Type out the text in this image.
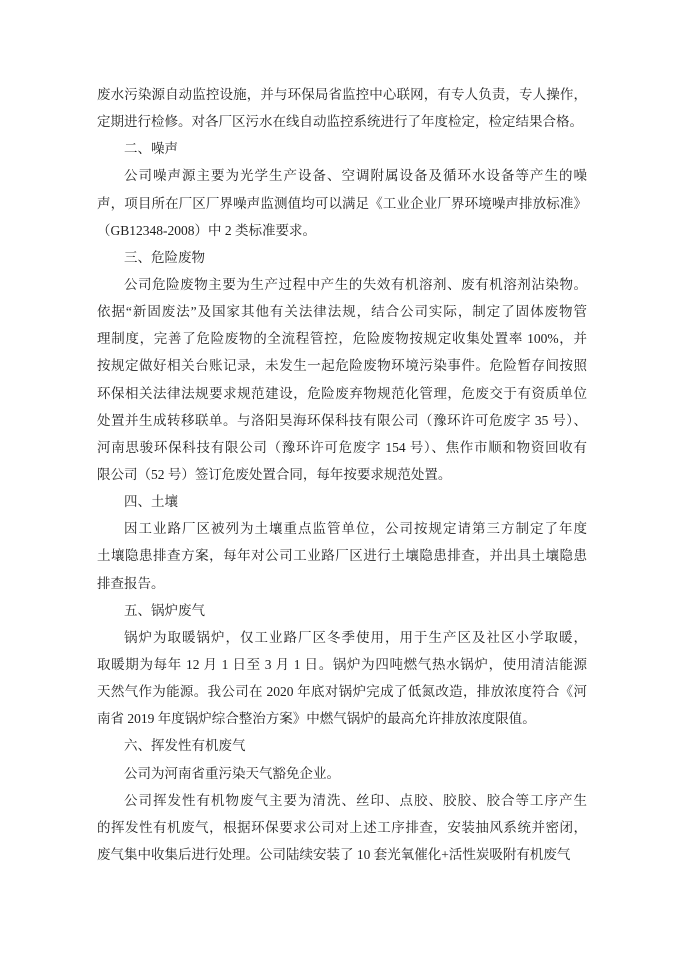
废水污染源自动监控设施，并与环保局省监控中心联网，有专人负责，专人操作，
定期进行检修。对各厂区污水在线自动监控系统进行了年度检定，检定结果合格。
二、噪声
公司噪声源主要为光学生产设备、空调附属设备及循环水设备等产生的噪
声，项目所在厂区厂界噪声监测值均可以满足《工业企业厂界环境噪声排放标准》
（GB12348-2008）中 2 类标准要求。
三、危险废物
公司危险废物主要为生产过程中产生的失效有机溶剂、废有机溶剂沾染物。
依据“新固废法”及国家其他有关法律法规，结合公司实际，制定了固体废物管
理制度，完善了危险废物的全流程管控，危险废物按规定收集处置率 100%，并
按规定做好相关台账记录，未发生一起危险废物环境污染事件。危险暂存间按照
环保相关法律法规要求规范建设，危险废弃物规范化管理，危废交于有资质单位
处置并生成转移联单。与洛阳昊海环保科技有限公司（豫环许可危废字 35 号）、
河南思骏环保科技有限公司（豫环许可危废字 154 号）、焦作市顺和物资回收有
限公司（52 号）签订危废处置合同，每年按要求规范处置。
四、土壤
因工业路厂区被列为土壤重点监管单位，公司按规定请第三方制定了年度
土壤隐患排查方案，每年对公司工业路厂区进行土壤隐患排查，并出具土壤隐患
排查报告。
五、锅炉废气
锅炉为取暖锅炉，仅工业路厂区冬季使用，用于生产区及社区小学取暖，
取暖期为每年 12 月 1 日至 3 月 1 日。锅炉为四吨燃气热水锅炉，使用清洁能源
天然气作为能源。我公司在 2020 年底对锅炉完成了低氮改造，排放浓度符合《河
南省 2019 年度锅炉综合整治方案》中燃气锅炉的最高允许排放浓度限值。
六、挥发性有机废气
公司为河南省重污染天气豁免企业。
公司挥发性有机物废气主要为清洗、丝印、点胶、胶胶、胶合等工序产生
的挥发性有机废气，根据环保要求公司对上述工序排查，安装抽风系统并密闭，
废气集中收集后进行处理。公司陆续安装了 10 套光氧催化+活性炭吸附有机废气
